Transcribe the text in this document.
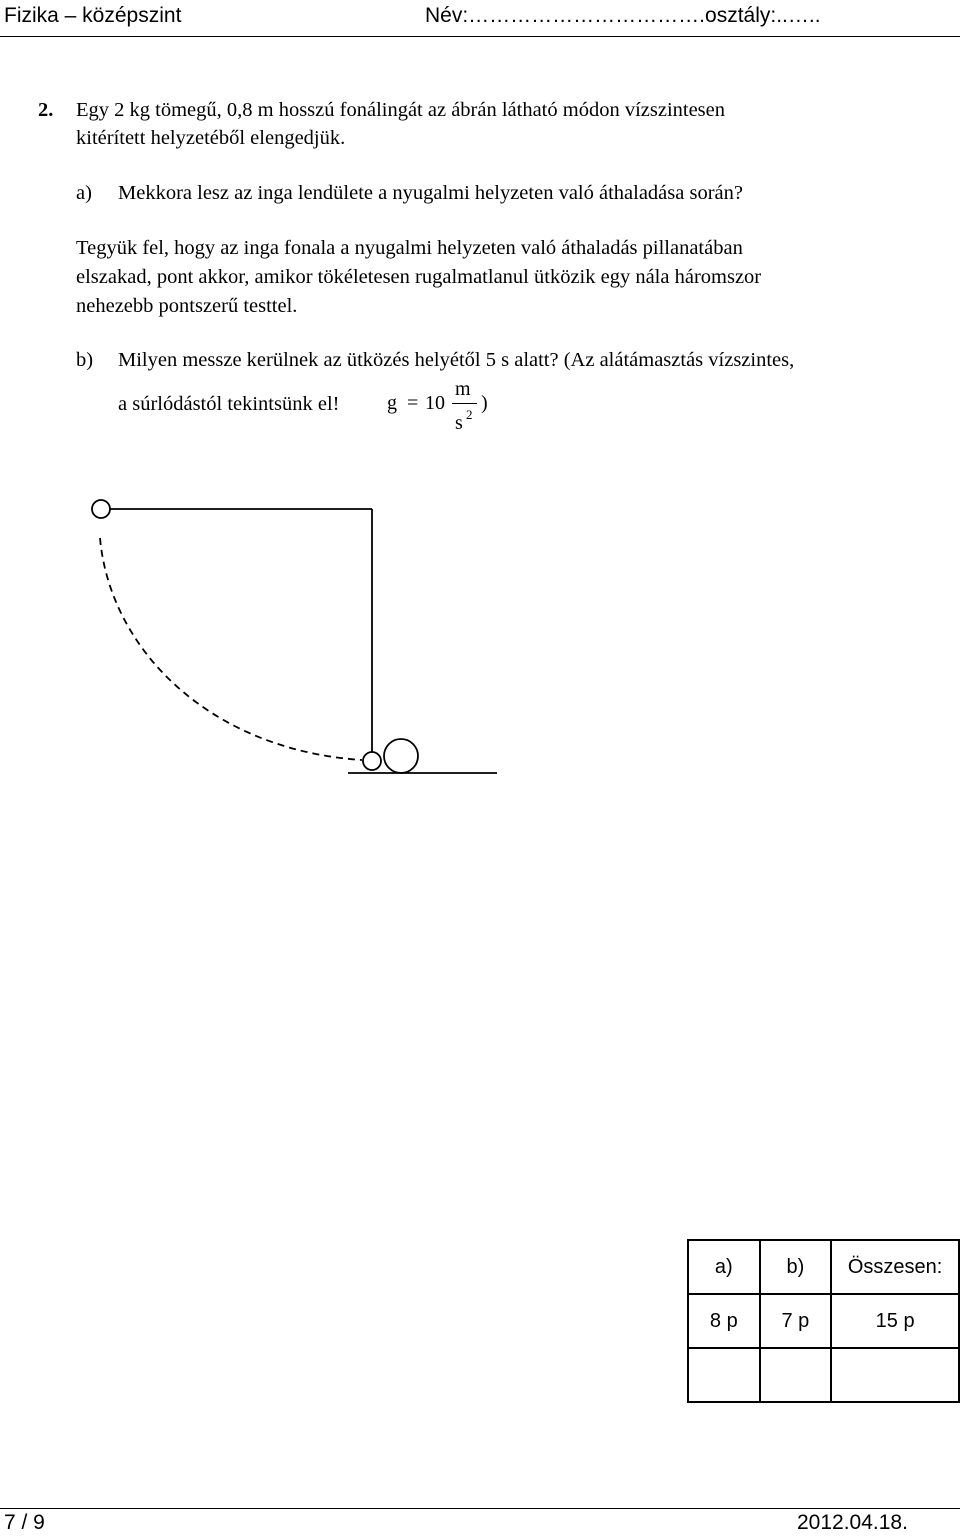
Fizika – középszint	Név:…………………………….osztály:..…..
2. Egy 2 kg tömegű, 0,8 m hosszú fonálingát az ábrán látható módon vízszintesen
kitérített helyzetéből elengedjük.
a) Mekkora lesz az inga lendülete a nyugalmi helyzeten való áthaladása során?
Tegyük fel, hogy az inga fonala a nyugalmi helyzeten való áthaladás pillanatában
elszakad, pont akkor, amikor tökéletesen rugalmatlanul ütközik egy nála háromszor
nehezebb pontszerű testtel.
b) Milyen messze kerülnek az ütközés helyétől 5 s alatt? (Az alátámasztás vízszintes,
a súrlódástól tekintsünk el! g = 10
m
s 2
)
a)	b)	Összesen:
8 p	7 p	15 p

7 / 9	2012.04.18.
